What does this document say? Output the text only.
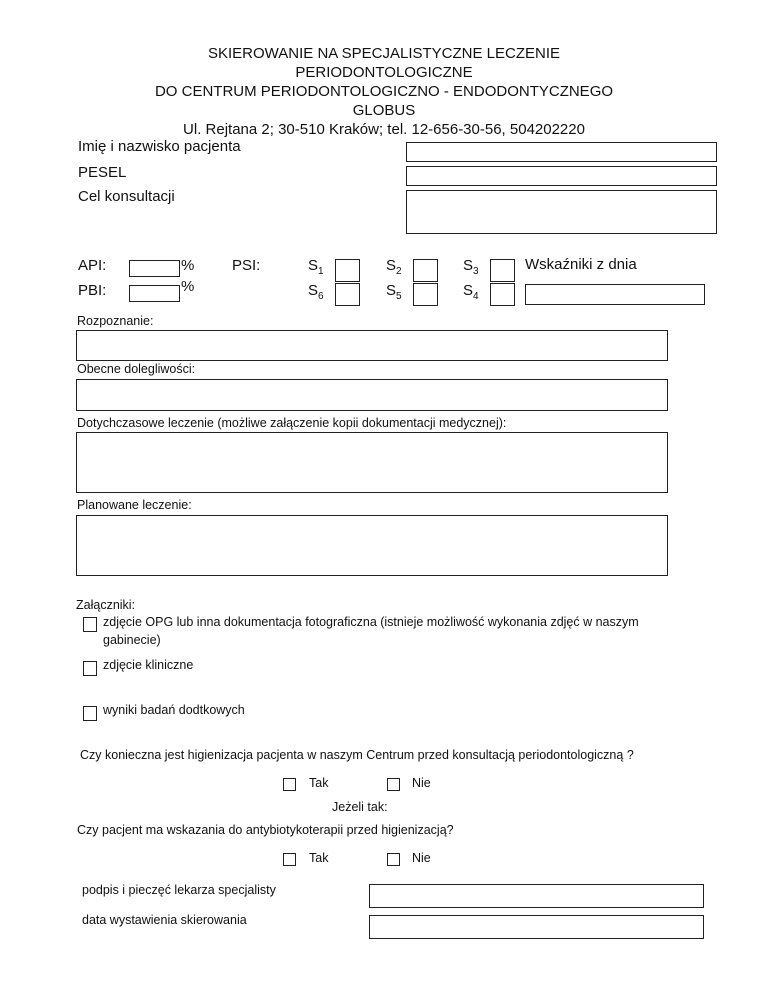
SKIEROWANIE NA SPECJALISTYCZNE LECZENIE
PERIODONTOLOGICZNE
DO CENTRUM PERIODONTOLOGICZNO - ENDODONTYCZNEGO
GLOBUS
Ul. Rejtana 2; 30-510 Kraków; tel. 12-656-30-56, 504202220
Imię i nazwisko pacjenta
PESEL
Cel konsultacji
API:	%
PBI:	%
PSI:	$S_1$	$S_2$	$S_3$	Wskaźniki z dnia
$S_6$	$S_5$	$S_4$
Rozpoznanie:
Obecne dolegliwości:
Dotychczasowe leczenie (możliwe załączenie kopii dokumentacji medycznej):
Planowane leczenie:
Załączniki:
zdjęcie OPG lub inna dokumentacja fotograficzna (istnieje możliwość wykonania zdjęć w naszym
gabinecie)
zdjęcie kliniczne
wyniki badań dodtkowych
Czy konieczna jest higienizacja pacjenta w naszym Centrum przed konsultacją periodontologiczną ?
Tak	Nie
Jeżeli tak:
Czy pacjent ma wskazania do antybiotykoterapii przed higienizacją?
Tak	Nie
podpis i pieczęć lekarza specjalisty
data wystawienia skierowania
